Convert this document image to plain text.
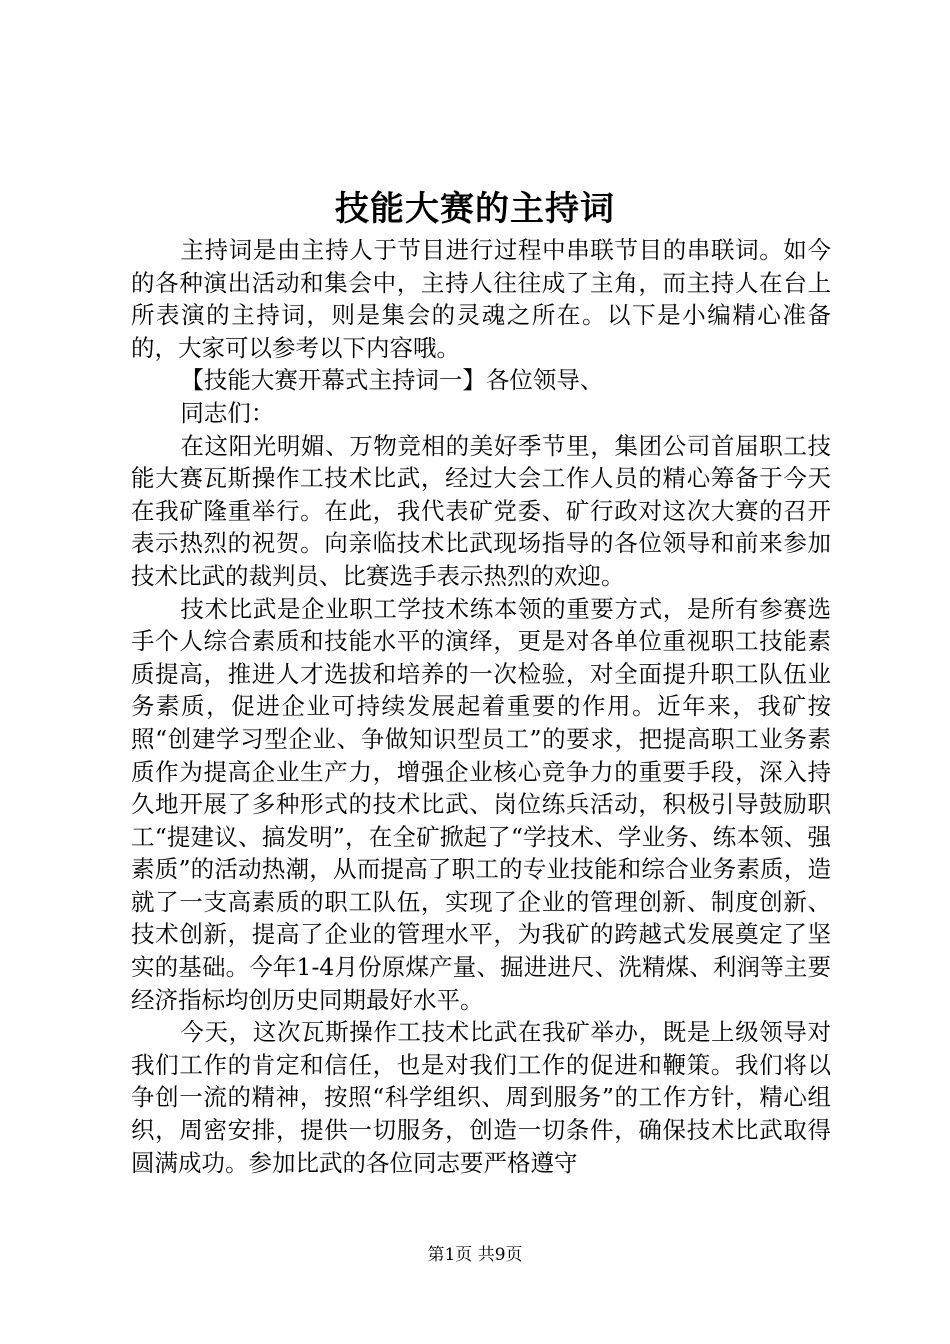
技能大赛的主持词

主持词是由主持人于节目进行过程中串联节目的串联词。如今的各种演出活动和集会中，主持人往往成了主角，而主持人在台上所表演的主持词，则是集会的灵魂之所在。以下是小编精心准备的，大家可以参考以下内容哦。

【技能大赛开幕式主持词一】各位领导、

同志们：

在这阳光明媚、万物竞相的美好季节里，集团公司首届职工技能大赛瓦斯操作工技术比武，经过大会工作人员的精心筹备于今天在我矿隆重举行。在此，我代表矿党委、矿行政对这次大赛的召开表示热烈的祝贺。向亲临技术比武现场指导的各位领导和前来参加技术比武的裁判员、比赛选手表示热烈的欢迎。

技术比武是企业职工学技术练本领的重要方式，是所有参赛选手个人综合素质和技能水平的演绎，更是对各单位重视职工技能素质提高，推进人才选拔和培养的一次检验，对全面提升职工队伍业务素质，促进企业可持续发展起着重要的作用。近年来，我矿按照“创建学习型企业、争做知识型员工”的要求，把提高职工业务素质作为提高企业生产力，增强企业核心竞争力的重要手段，深入持久地开展了多种形式的技术比武、岗位练兵活动，积极引导鼓励职工“提建议、搞发明”，在全矿掀起了“学技术、学业务、练本领、强素质”的活动热潮，从而提高了职工的专业技能和综合业务素质，造就了一支高素质的职工队伍，实现了企业的管理创新、制度创新、技术创新，提高了企业的管理水平，为我矿的跨越式发展奠定了坚实的基础。今年1-4月份原煤产量、掘进进尺、洗精煤、利润等主要经济指标均创历史同期最好水平。

今天，这次瓦斯操作工技术比武在我矿举办，既是上级领导对我们工作的肯定和信任，也是对我们工作的促进和鞭策。我们将以争创一流的精神，按照“科学组织、周到服务”的工作方针，精心组织，周密安排，提供一切服务，创造一切条件，确保技术比武取得圆满成功。参加比武的各位同志要严格遵守

第1页 共9页
